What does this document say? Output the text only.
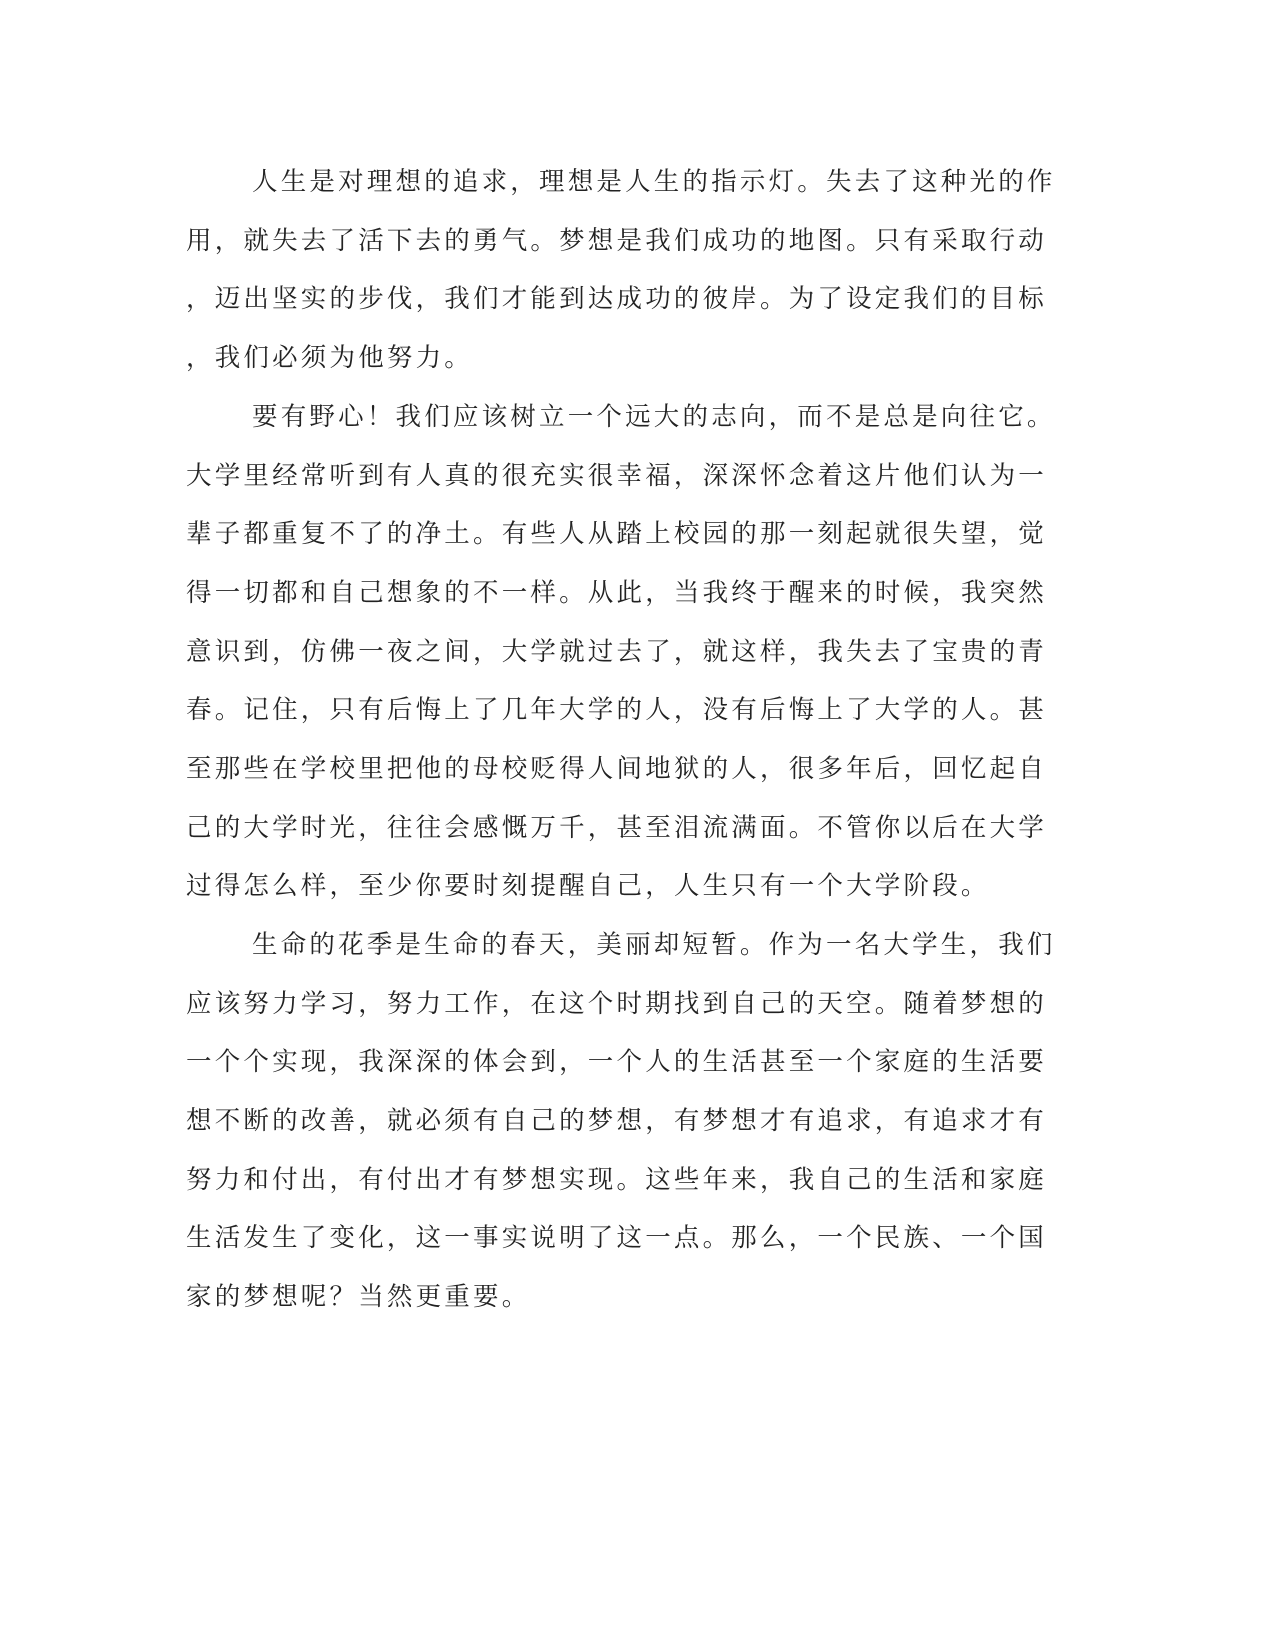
人生是对理想的追求，理想是人生的指示灯。失去了这种光的作
用，就失去了活下去的勇气。梦想是我们成功的地图。只有采取行动
，迈出坚实的步伐，我们才能到达成功的彼岸。为了设定我们的目标
，我们必须为他努力。
要有野心！我们应该树立一个远大的志向，而不是总是向往它。
大学里经常听到有人真的很充实很幸福，深深怀念着这片他们认为一
辈子都重复不了的净土。有些人从踏上校园的那一刻起就很失望，觉
得一切都和自己想象的不一样。从此，当我终于醒来的时候，我突然
意识到，仿佛一夜之间，大学就过去了，就这样，我失去了宝贵的青
春。记住，只有后悔上了几年大学的人，没有后悔上了大学的人。甚
至那些在学校里把他的母校贬得人间地狱的人，很多年后，回忆起自
己的大学时光，往往会感慨万千，甚至泪流满面。不管你以后在大学
过得怎么样，至少你要时刻提醒自己，人生只有一个大学阶段。
生命的花季是生命的春天，美丽却短暂。作为一名大学生，我们
应该努力学习，努力工作，在这个时期找到自己的天空。随着梦想的
一个个实现，我深深的体会到，一个人的生活甚至一个家庭的生活要
想不断的改善，就必须有自己的梦想，有梦想才有追求，有追求才有
努力和付出，有付出才有梦想实现。这些年来，我自己的生活和家庭
生活发生了变化，这一事实说明了这一点。那么，一个民族、一个国
家的梦想呢？当然更重要。
